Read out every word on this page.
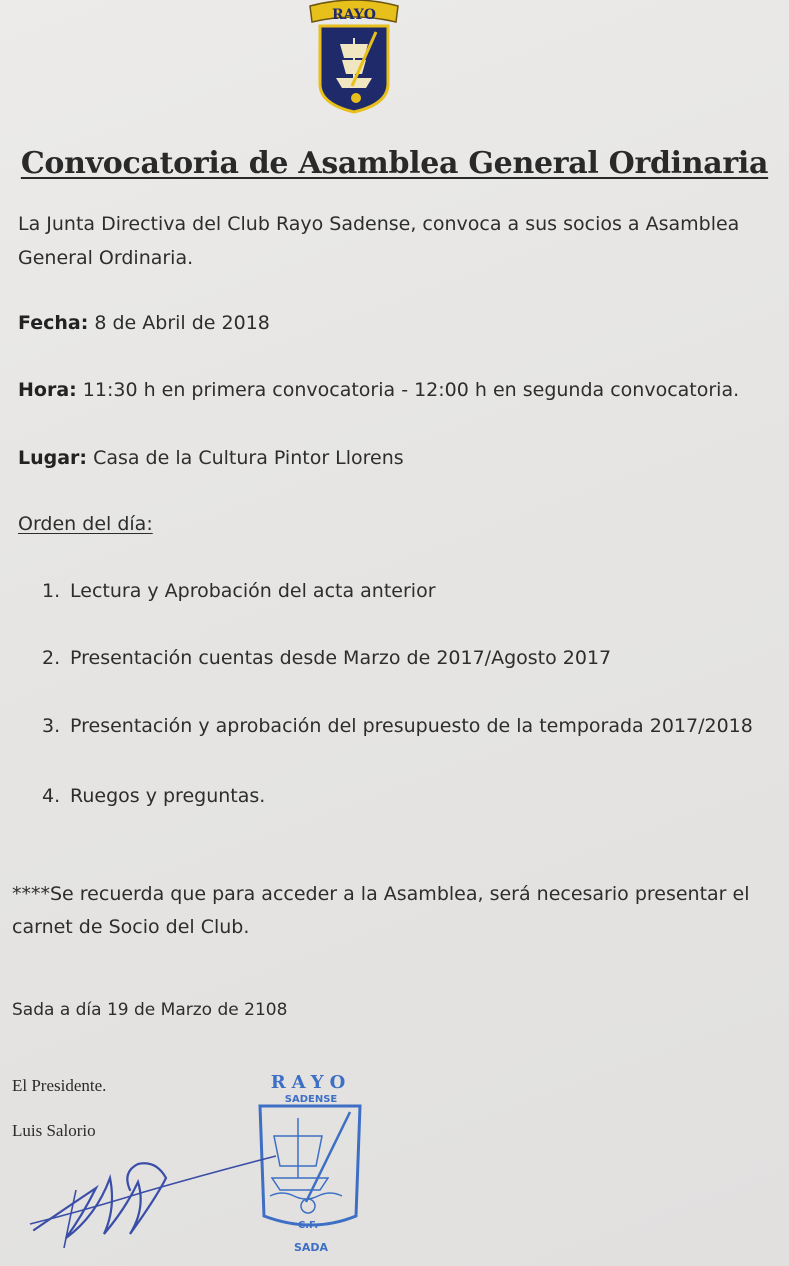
RAYO
Convocatoria de Asamblea General Ordinaria
La Junta Directiva del Club Rayo Sadense, convoca a sus socios a Asamblea
General Ordinaria.
Fecha: 8 de Abril de 2018
Hora: 11:30 h en primera convocatoria - 12:00 h en segunda convocatoria.
Lugar: Casa de la Cultura Pintor Llorens
Orden del día:
1. Lectura y Aprobación del acta anterior
2. Presentación cuentas desde Marzo de 2017/Agosto 2017
3. Presentación y aprobación del presupuesto de la temporada 2017/2018
4. Ruegos y preguntas.
****Se recuerda que para acceder a la Asamblea, será necesario presentar el
carnet de Socio del Club.
Sada a día 19 de Marzo de 2108
El Presidente.
Luis Salorio
RAYO
SADENSE
C.F.
SADA
